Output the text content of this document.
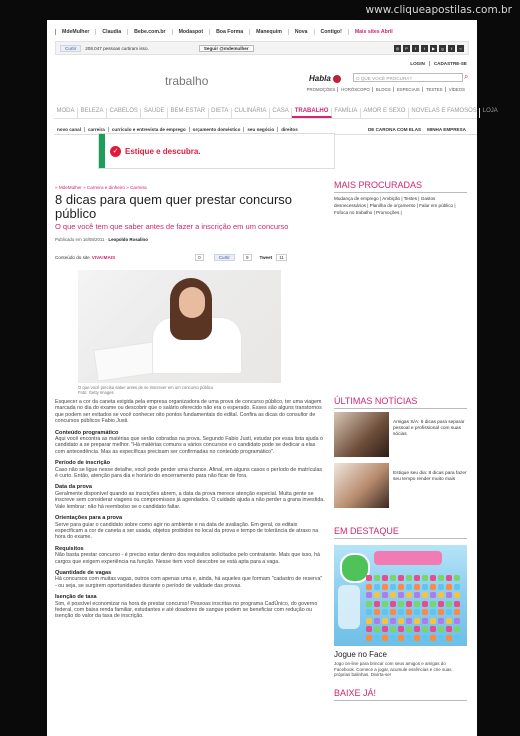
www.cliqueapostilas.com.br
MdeMulher	Claudia	Bebe.com.br	Modaspot	Boa Forma	Manequim	Nova	Contigo!	Mais sites Abril
Curtir	208.047 pessoas curtiram isso.	Seguir @mdemulher	◎	P	f	t	▶	g	t	≈
LOGIN CADASTRE-SE
trabalho	Habla	O QUE VOCÊ PROCURA?	⌕
PROMOÇÕES HORÓSCOPO BLOGS ESPECIAIS TESTES VÍDEOS
MODA	BELEZA	CABELOS	SAÚDE	BEM-ESTAR	DIETA	CULINÁRIA	CASA	TRABALHO	FAMÍLIA	AMOR E SEXO	NOVELAS E FAMOSOS	LOJA
novo canal	carreira	currículo e entrevista de emprego	orçamento doméstico	seu negócio	direitos	DE CARONA COM ELAS	MINHA EMPRESA
✓ Estique e descubra.
» MdeMulher » Carreira e dinheiro » Carreira
8 dicas para quem quer prestar concurso público
O que você tem que saber antes de fazer a inscrição em um concurso
Publicado em 16/08/2011 · Leopoldo Rosalino
Conteúdo do site VIVA!MAIS	0	Curtir	9	Tweet	11
O que você precisa saber antes de se inscrever em um concurso público
Foto: Getty Images

Esquecer a cor da caneta exigida pela empresa organizadora de uma prova de concurso público, ter uma viagem marcada no dia do exame ou descobrir que o salário oferecido não era o esperado. Esses são alguns transtornos que podem ser evitados se você conhecer oito pontos fundamentais do edital. Confira as dicas do consultor de concursos públicos Fabio Justi.

Conteúdo programático

Aqui você encontra as matérias que serão cobradas na prova. Segundo Fabio Justi, estudar por essa lista ajuda o candidato a se preparar melhor. "Há matérias comuns a vários concursos e o candidato pode se dedicar a elas com antecedência. Mas as específicas precisam ser confirmadas no conteúdo programático".

Período de inscrição

Caso não se ligue nesse detalhe, você pode perder uma chance. Afinal, em alguns casos o período de matrículas é curto. Então, atenção para dia e horário do encerramento para não ficar de fora.

Data da prova

Geralmente disponível quando as inscrições abrem, a data da prova merece atenção especial. Muita gente se inscreve sem considerar viagens ou compromissos já agendados. O cuidado ajuda a não perder a grana investida. Vale lembrar: não há reembolso se o candidato faltar.

Orientações para a prova

Serve para guiar o candidato sobre como agir no ambiente e na data de avaliação. Em geral, os editais especificam a cor de caneta a ser usada, objetos proibidos no local da prova e tempo de tolerância de atraso na hora do exame.

Requisitos

Não basta prestar concurso - é preciso estar dentro dos requisitos solicitados pelo contratante. Mais que isso, há cargos que exigem experiência na função. Nesse item você descobre se está apta para a vaga.

Quantidade de vagas

Há concursos com muitas vagas, outros com apenas uma e, ainda, há aqueles que formam "cadastro de reserva" - ou seja, se surgirem oportunidades durante o período de validade das provas.

Isenção de taxa

Sim, é possível economizar na hora de prestar concurso! Pessoas inscritas no programa CadÚnico, do governo federal, com baixa renda familiar, estudantes e até doadores de sangue podem se beneficiar com redução ou isenção do valor da taxa de inscrição.

MAIS PROCURADAS
Mudança de emprego | Ambição | Testes | Gastos desnecessários | Planilha de orçamento | Falar em público | Fofoca no trabalho | Promoções |
ÚLTIMAS NOTÍCIAS
Amigas S/A: 6 dicas para separar pessoal e profissional com suas sócias
Estique seu dia: 8 dicas para fazer seu tempo render muito mais
EM DESTAQUE
Jogue no Face
Jogo on-line para brincar com seus amigos e amigas do Facebook. Comece a jogar, acumule essências e crie suas próprias balinhas. Divirta-se!
BAIXE JÁ!
